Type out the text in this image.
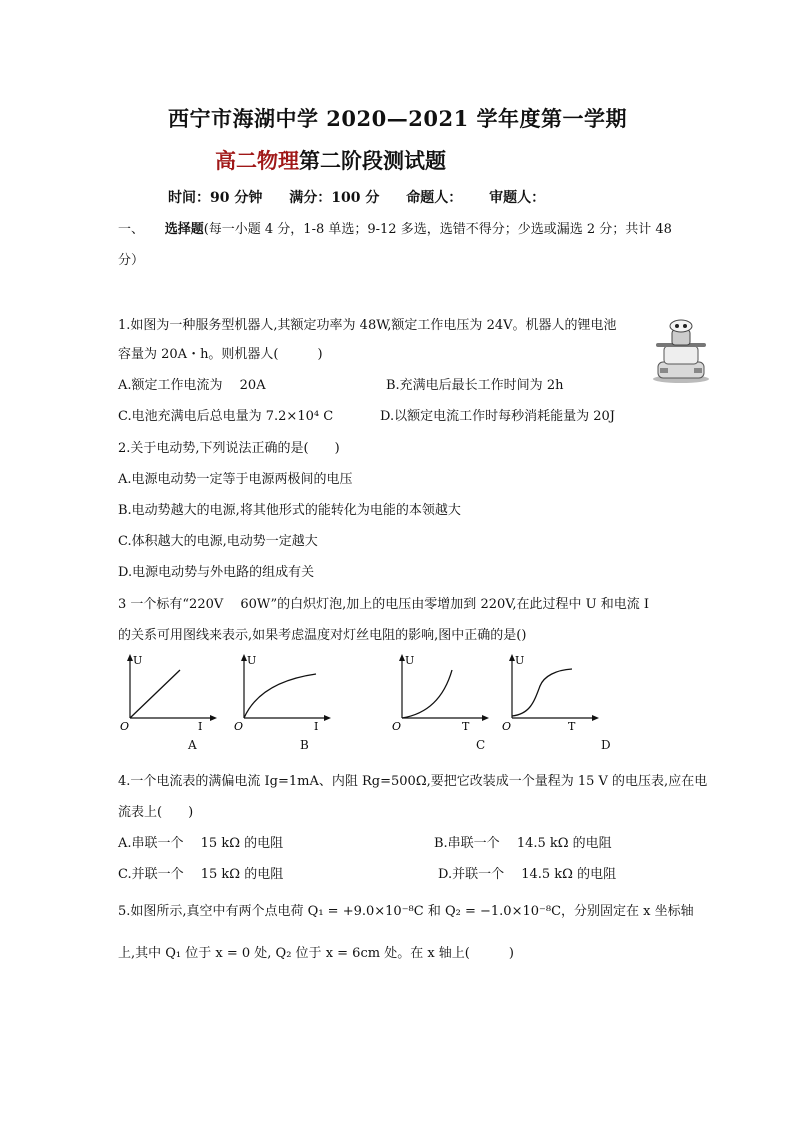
西宁市海湖中学 2020—2021 学年度第一学期
高二物理第二阶段测试题
时间：90 分钟 满分：100 分 命题人： 审题人：
一、 选择题(每一小题 4 分，1-8 单选；9-12 多选，选错不得分；少选或漏选 2 分；共计 48
分）
1.如图为一种服务型机器人,其额定功率为 48W,额定工作电压为 24V。机器人的锂电池
容量为 20A・h。则机器人(　　　)
A.额定工作电流为　 20A	B.充满电后最长工作时间为 2h
C.电池充满电后总电量为 7.2×10⁴ C	D.以额定电流工作时每秒消耗能量为 20J
2.关于电动势,下列说法正确的是(　　)
A.电源电动势一定等于电源两极间的电压
B.电动势越大的电源,将其他形式的能转化为电能的本领越大
C.体积越大的电源,电动势一定越大
D.电源电动势与外电路的组成有关
3 一个标有“220V　 60W”的白炽灯泡,加上的电压由零增加到 220V,在此过程中 U 和电流 I
的关系可用图线来表示,如果考虑温度对灯丝电阻的影响,图中正确的是()
U
I
O
A
U
I
O
B
U
T
O
C
U
T
O
D
4.一个电流表的满偏电流 Ig=1mA、内阻 Rg=500Ω,要把它改装成一个量程为 15 V 的电压表,应在电
流表上(　　)
A.串联一个　 15 kΩ 的电阻	B.串联一个　 14.5 kΩ 的电阻
C.并联一个　 15 kΩ 的电阻	D.并联一个　 14.5 kΩ 的电阻
5.如图所示,真空中有两个点电荷 Q₁ = +9.0×10⁻⁸C 和 Q₂ = −1.0×10⁻⁸C，分别固定在 x 坐标轴
上,其中 Q₁ 位于 x = 0 处, Q₂ 位于 x = 6cm 处。在 x 轴上(　　　)
